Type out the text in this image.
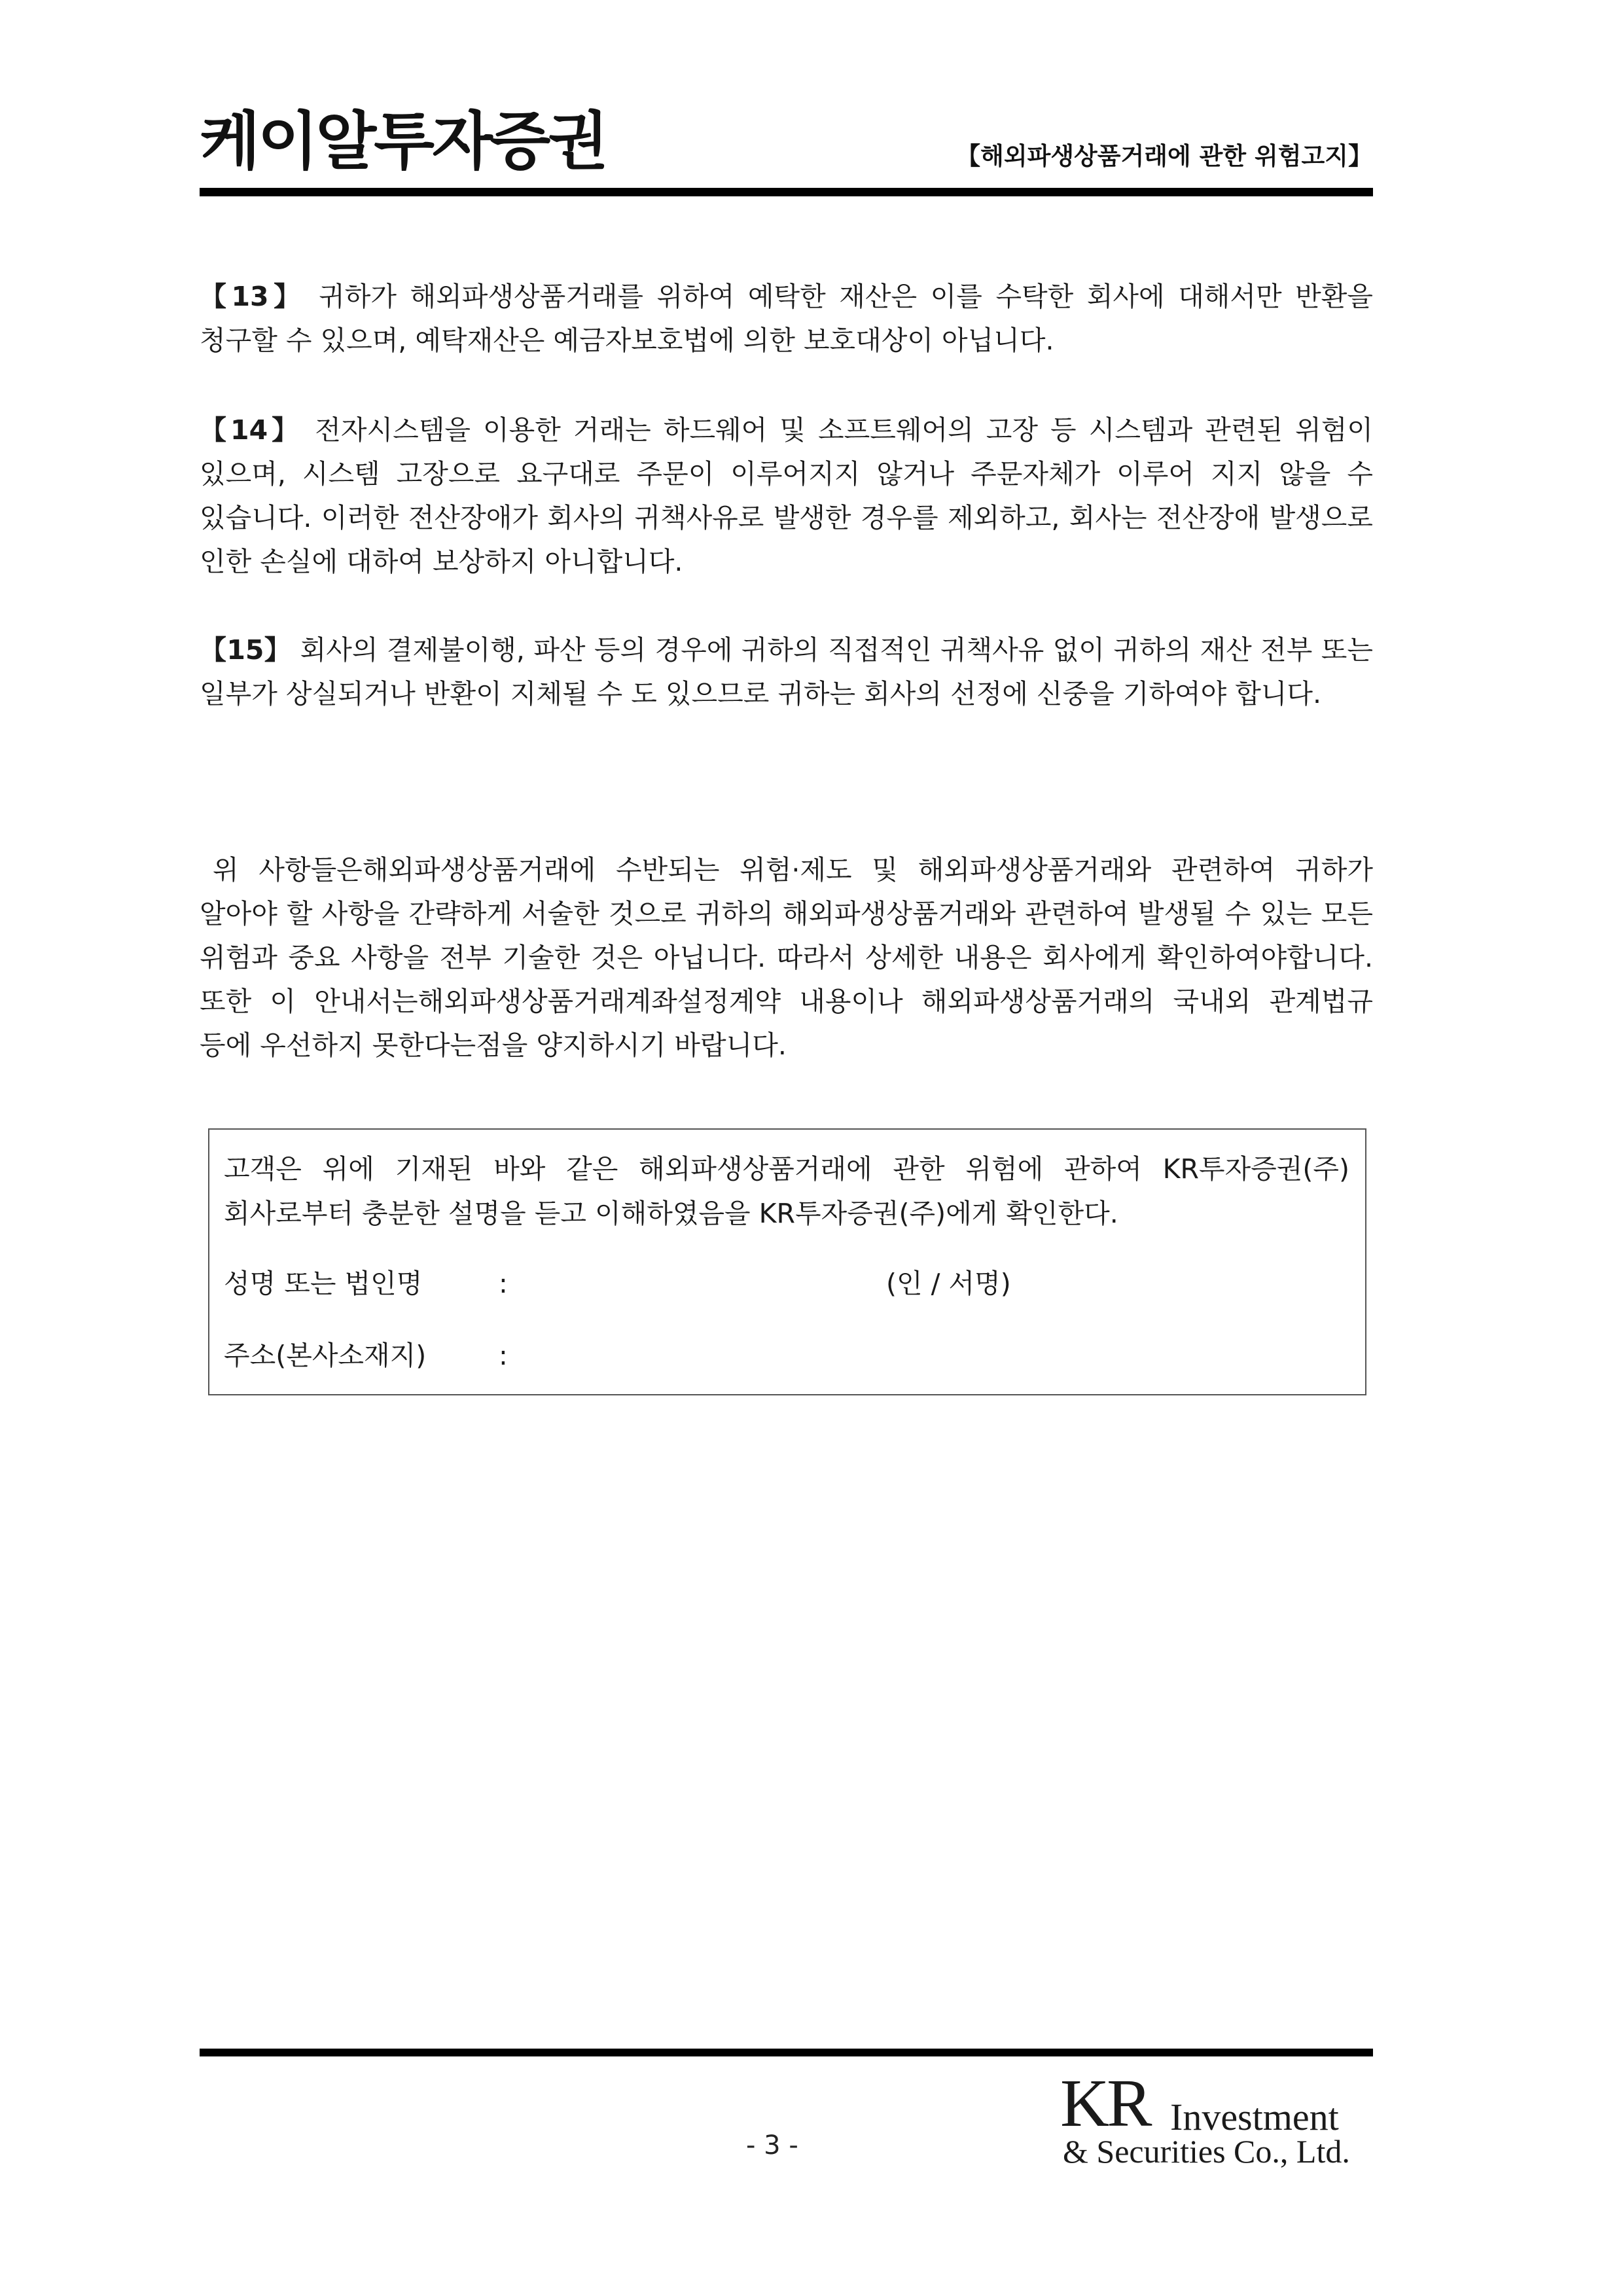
케이알투자증권	【해외파생상품거래에 관한 위험고지】
【13】 귀하가 해외파생상품거래를 위하여 예탁한 재산은 이를 수탁한 회사에 대해서만 반환을 청구할 수 있으며, 예탁재산은 예금자보호법에 의한 보호대상이 아닙니다.
【14】 전자시스템을 이용한 거래는 하드웨어 및 소프트웨어의 고장 등 시스템과 관련된 위험이 있으며, 시스템 고장으로 요구대로 주문이 이루어지지 않거나 주문자체가 이루어 지지 않을 수 있습니다. 이러한 전산장애가 회사의 귀책사유로 발생한 경우를 제외하고, 회사는 전산장애 발생으로 인한 손실에 대하여 보상하지 아니합니다.
【15】 회사의 결제불이행, 파산 등의 경우에 귀하의 직접적인 귀책사유 없이 귀하의 재산 전부 또는 일부가 상실되거나 반환이 지체될 수 도 있으므로 귀하는 회사의 선정에 신중을 기하여야 합니다.
위 사항들은해외파생상품거래에 수반되는 위험·제도 및 해외파생상품거래와 관련하여 귀하가 알아야 할 사항을 간략하게 서술한 것으로 귀하의 해외파생상품거래와 관련하여 발생될 수 있는 모든 위험과 중요 사항을 전부 기술한 것은 아닙니다. 따라서 상세한 내용은 회사에게 확인하여야합니다. 또한 이 안내서는해외파생상품거래계좌설정계약 내용이나 해외파생상품거래의 국내외 관계법규 등에 우선하지 못한다는점을 양지하시기 바랍니다.
고객은 위에 기재된 바와 같은 해외파생상품거래에 관한 위험에 관하여 KR투자증권(주) 회사로부터 충분한 설명을 듣고 이해하였음을 KR투자증권(주)에게 확인한다.
성명 또는 법인명	:	(인 / 서명)
주소(본사소재지)	:
- 3 -
KR Investment
& Securities Co., Ltd.
